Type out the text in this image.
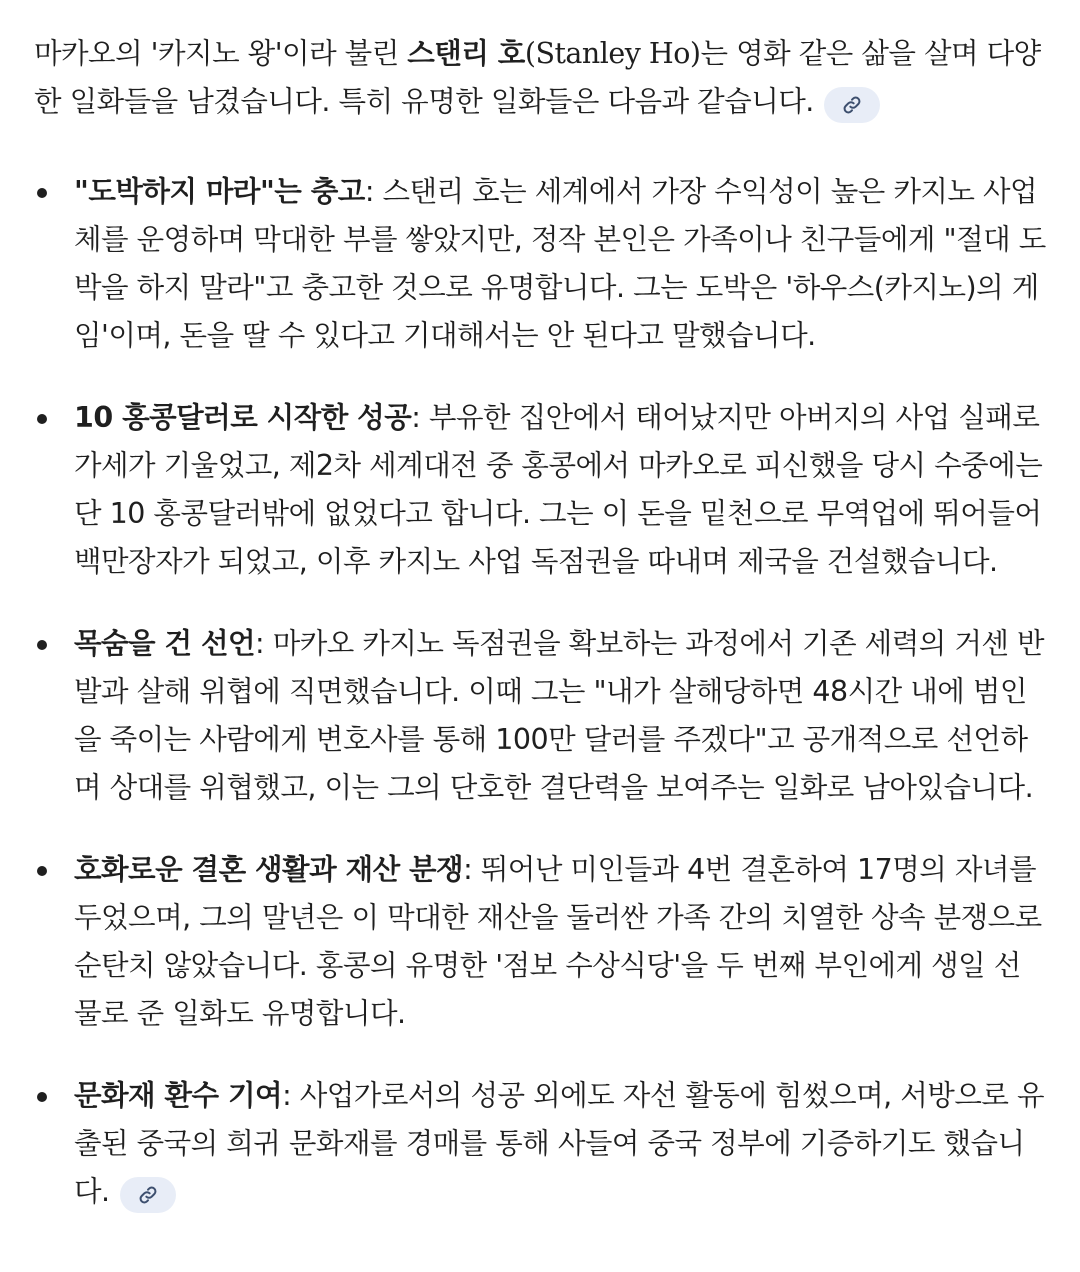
마카오의 '카지노 왕'이라 불린 스탠리 호(Stanley Ho)는 영화 같은 삶을 살며 다양한 일화들을 남겼습니다. 특히 유명한 일화들은 다음과 같습니다.

"도박하지 마라"는 충고: 스탠리 호는 세계에서 가장 수익성이 높은 카지노 사업체를 운영하며 막대한 부를 쌓았지만, 정작 본인은 가족이나 친구들에게 "절대 도박을 하지 말라"고 충고한 것으로 유명합니다. 그는 도박은 '하우스(카지노)의 게임'이며, 돈을 딸 수 있다고 기대해서는 안 된다고 말했습니다.
10 홍콩달러로 시작한 성공: 부유한 집안에서 태어났지만 아버지의 사업 실패로 가세가 기울었고, 제2차 세계대전 중 홍콩에서 마카오로 피신했을 당시 수중에는 단 10 홍콩달러밖에 없었다고 합니다. 그는 이 돈을 밑천으로 무역업에 뛰어들어 백만장자가 되었고, 이후 카지노 사업 독점권을 따내며 제국을 건설했습니다.
목숨을 건 선언: 마카오 카지노 독점권을 확보하는 과정에서 기존 세력의 거센 반발과 살해 위협에 직면했습니다. 이때 그는 "내가 살해당하면 48시간 내에 범인을 죽이는 사람에게 변호사를 통해 100만 달러를 주겠다"고 공개적으로 선언하며 상대를 위협했고, 이는 그의 단호한 결단력을 보여주는 일화로 남아있습니다.
호화로운 결혼 생활과 재산 분쟁: 뛰어난 미인들과 4번 결혼하여 17명의 자녀를 두었으며, 그의 말년은 이 막대한 재산을 둘러싼 가족 간의 치열한 상속 분쟁으로 순탄치 않았습니다. 홍콩의 유명한 '점보 수상식당'을 두 번째 부인에게 생일 선물로 준 일화도 유명합니다.
문화재 환수 기여: 사업가로서의 성공 외에도 자선 활동에 힘썼으며, 서방으로 유출된 중국의 희귀 문화재를 경매를 통해 사들여 중국 정부에 기증하기도 했습니다.
